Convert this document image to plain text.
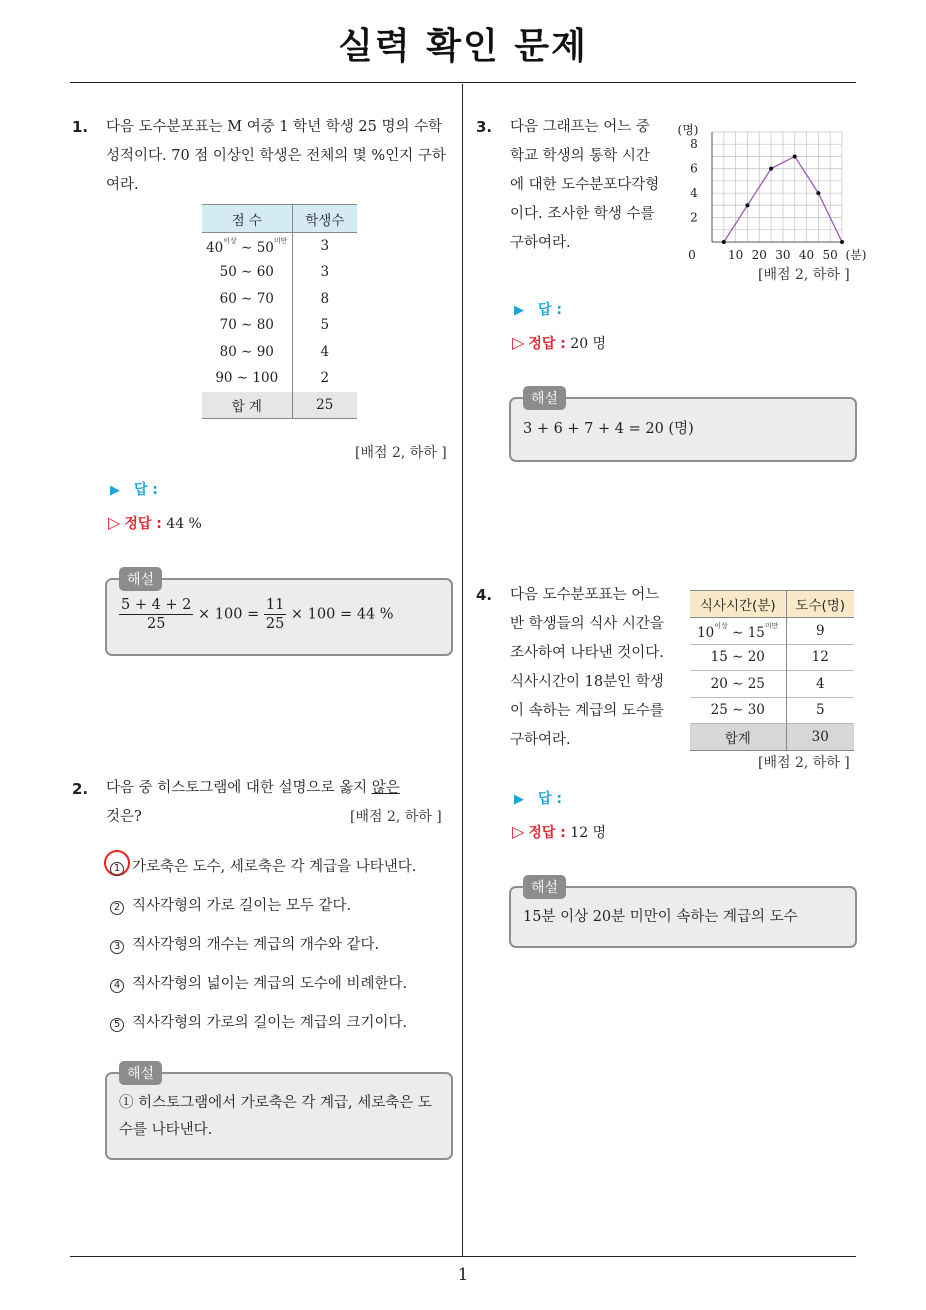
실력 확인 문제
1
1. 다음 도수분포표는 M 여중 1 학년 학생 25 명의 수학 성적이다. 70 점 이상인 학생은 전체의 몇 %인지 구하여라.
점 수	학생수
$40^{이상}$ ∼ $50^{미만}$	3
50 ∼ 60	3
60 ∼ 70	8
70 ∼ 80	5
80 ∼ 90	4
90 ∼ 100	2
합 계	25
[배점 2, 하하 ]
▶ 답 :
▷ 정답 : 44 %
해설
$\frac{5 + 4 + 2}{25} \times 100 = \frac{11}{25} \times 100 = 44$ %
2. 다음 중 히스토그램에 대한 설명으로 옳지 않은
것은?	[배점 2, 하하 ]
1 가로축은 도수, 세로축은 각 계급을 나타낸다.
2 직사각형의 가로 길이는 모두 같다.
3 직사각형의 개수는 계급의 개수와 같다.
4 직사각형의 넓이는 계급의 도수에 비례한다.
5 직사각형의 가로의 길이는 계급의 크기이다.
해설
① 히스토그램에서 가로축은 각 계급, 세로축은 도수를 나타낸다.
3. 다음 그래프는 어느 중학교 학생의 통학 시간에 대한 도수분포다각형이다. 조사한 학생 수를 구하여라.
0	10 20 30 40 50
2
4
6
8
(분)
(명)
[배점 2, 하하 ]
▶ 답 :
▷ 정답 : 20 명
해설
3 + 6 + 7 + 4 = 20 (명)
4. 다음 도수분포표는 어느 반 학생들의 식사 시간을 조사하여 나타낸 것이다. 식사시간이 18분인 학생이 속하는 계급의 도수를 구하여라.
식사시간(분)	도수(명)
$10^{이상}$ ∼ $15^{미만}$	9
15 ∼ 20	12
20 ∼ 25	4
25 ∼ 30	5
합계	30
[배점 2, 하하 ]
▶ 답 :
▷ 정답 : 12 명
해설
15분 이상 20분 미만이 속하는 계급의 도수
